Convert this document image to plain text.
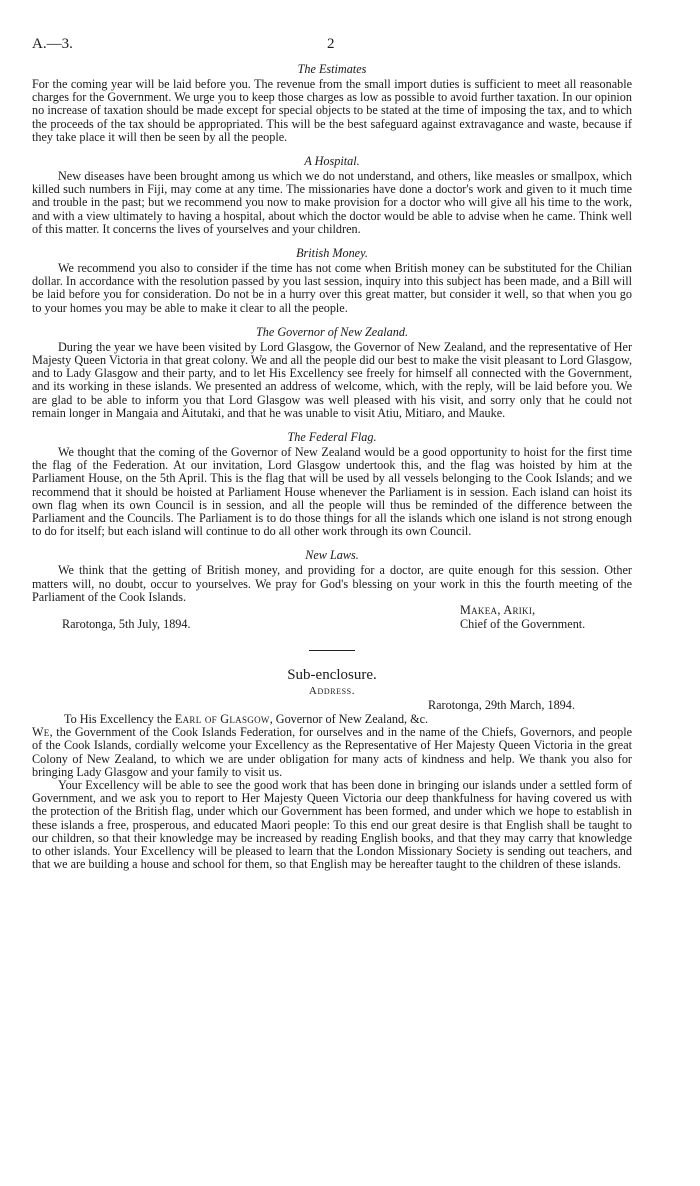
A.—3.	2
The Estimates

For the coming year will be laid before you. The revenue from the small import duties is sufficient to meet all reasonable charges for the Government. We urge you to keep those charges as low as possible to avoid further taxation. In our opinion no increase of taxation should be made except for special objects to be stated at the time of imposing the tax, and to which the proceeds of the tax should be appropriated. This will be the best safeguard against extravagance and waste, because if they take place it will then be seen by all the people.

A Hospital.

New diseases have been brought among us which we do not understand, and others, like measles or smallpox, which killed such numbers in Fiji, may come at any time. The missionaries have done a doctor's work and given to it much time and trouble in the past; but we recommend you now to make provision for a doctor who will give all his time to the work, and with a view ultimately to having a hospital, about which the doctor would be able to advise when he came. Think well of this matter. It concerns the lives of yourselves and your children.

British Money.

We recommend you also to consider if the time has not come when British money can be substituted for the Chilian dollar. In accordance with the resolution passed by you last session, inquiry into this subject has been made, and a Bill will be laid before you for consideration. Do not be in a hurry over this great matter, but consider it well, so that when you go to your homes you may be able to make it clear to all the people.

The Governor of New Zealand.

During the year we have been visited by Lord Glasgow, the Governor of New Zealand, and the representative of Her Majesty Queen Victoria in that great colony. We and all the people did our best to make the visit pleasant to Lord Glasgow, and to Lady Glasgow and their party, and to let His Excellency see freely for himself all connected with the Government, and its working in these islands. We presented an address of welcome, which, with the reply, will be laid before you. We are glad to be able to inform you that Lord Glasgow was well pleased with his visit, and sorry only that he could not remain longer in Mangaia and Aitutaki, and that he was unable to visit Atiu, Mitiaro, and Mauke.

The Federal Flag.

We thought that the coming of the Governor of New Zealand would be a good opportunity to hoist for the first time the flag of the Federation. At our invitation, Lord Glasgow undertook this, and the flag was hoisted by him at the Parliament House, on the 5th April. This is the flag that will be used by all vessels belonging to the Cook Islands; and we recommend that it should be hoisted at Parliament House whenever the Parliament is in session. Each island can hoist its own flag when its own Council is in session, and all the people will thus be reminded of the difference between the Parliament and the Councils. The Parliament is to do those things for all the islands which one island is not strong enough to do for itself; but each island will continue to do all other work through its own Council.

New Laws.

We think that the getting of British money, and providing for a doctor, are quite enough for this session. Other matters will, no doubt, occur to yourselves. We pray for God's blessing on your work in this the fourth meeting of the Parliament of the Cook Islands.

Rarotonga, 5th July, 1894.
Makea, Ariki,
Chief of the Government.
Sub-enclosure.
Address.
Rarotonga, 29th March, 1894.
To His Excellency the Earl of Glasgow, Governor of New Zealand, &c.

We, the Government of the Cook Islands Federation, for ourselves and in the name of the Chiefs, Governors, and people of the Cook Islands, cordially welcome your Excellency as the Representative of Her Majesty Queen Victoria in the great Colony of New Zealand, to which we are under obligation for many acts of kindness and help. We thank you also for bringing Lady Glasgow and your family to visit us.

Your Excellency will be able to see the good work that has been done in bringing our islands under a settled form of Government, and we ask you to report to Her Majesty Queen Victoria our deep thankfulness for having covered us with the protection of the British flag, under which our Government has been formed, and under which we hope to establish in these islands a free, prosperous, and educated Maori people: To this end our great desire is that English shall be taught to our children, so that their knowledge may be increased by reading English books, and that they may carry that knowledge to other islands. Your Excellency will be pleased to learn that the London Missionary Society is sending out teachers, and that we are building a house and school for them, so that English may be hereafter taught to the children of these islands.
